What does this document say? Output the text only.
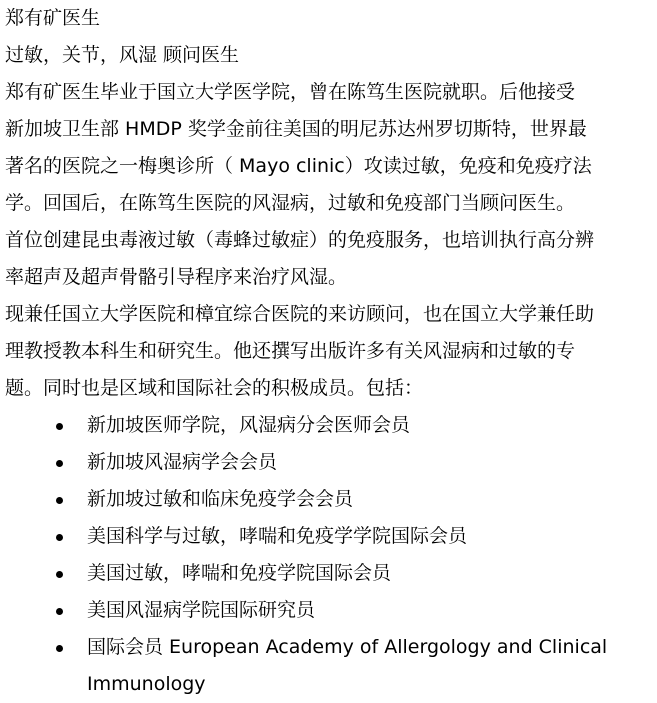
郑有矿医生
过敏，关节，风湿 顾问医生
郑有矿医生毕业于国立大学医学院，曾在陈笃生医院就职。后他接受
新加坡卫生部 HMDP 奖学金前往美国的明尼苏达州罗切斯特，世界最
著名的医院之一梅奥诊所（ Mayo clinic）攻读过敏，免疫和免疫疗法
学。回国后，在陈笃生医院的风湿病，过敏和免疫部门当顾问医生。
首位创建昆虫毒液过敏（毒蜂过敏症）的免疫服务，也培训执行高分辨
率超声及超声骨骼引导程序来治疗风湿。
现兼任国立大学医院和樟宜综合医院的来访顾问，也在国立大学兼任助
理教授教本科生和研究生。他还撰写出版许多有关风湿病和过敏的专
题。同时也是区域和国际社会的积极成员。包括：
新加坡医师学院，风湿病分会医师会员
新加坡风湿病学会会员
新加坡过敏和临床免疫学会会员
美国科学与过敏，哮喘和免疫学学院国际会员
美国过敏，哮喘和免疫学院国际会员
美国风湿病学院国际研究员
国际会员 European Academy of Allergology and Clinical
Immunology
